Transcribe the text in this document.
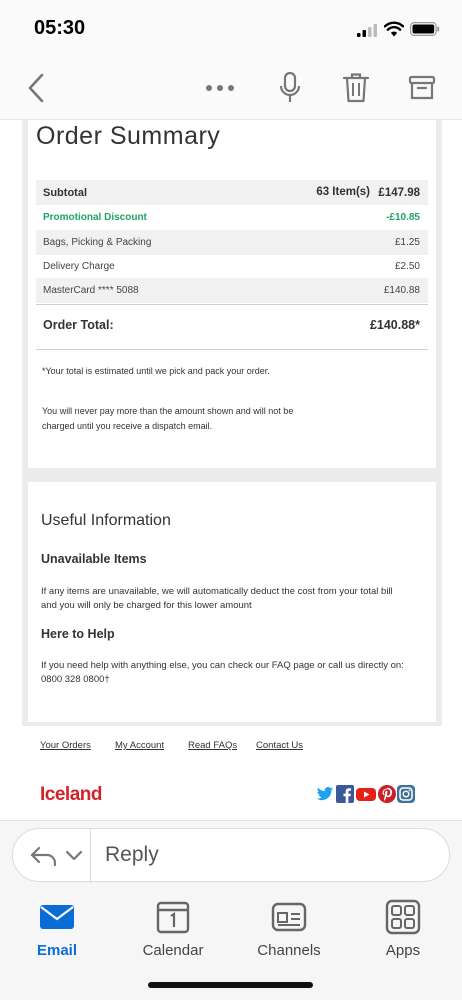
05:30
Order Summary
Subtotal	63 Item(s) £147.98
Promotional Discount	-£10.85
Bags, Picking & Packing	£1.25
Delivery Charge	£2.50
MasterCard **** 5088	£140.88
Order Total:	£140.88*
*Your total is estimated until we pick and pack your order.
You will never pay more than the amount shown and will not be charged until you receive a dispatch email.
Useful Information
Unavailable Items
If any items are unavailable, we will automatically deduct the cost from your total bill and you will only be charged for this lower amount
Here to Help
If you need help with anything else, you can check our FAQ page or call us directly on: 0800 328 0800†
Your Orders	My Account	Read FAQs Contact Us
Iceland
Reply
Email	Calendar	Channels	Apps
